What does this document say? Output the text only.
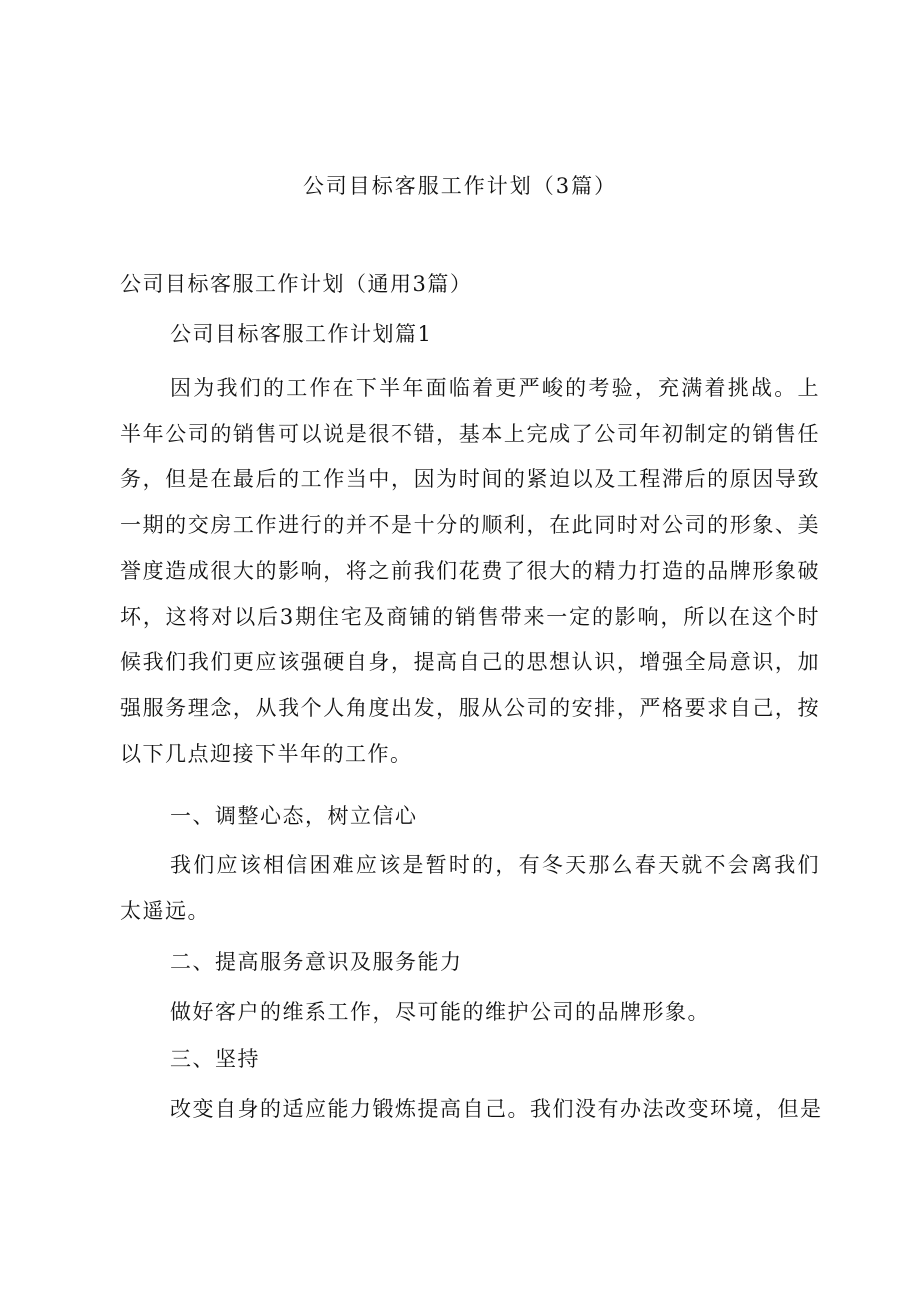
公司目标客服工作计划（3篇）
公司目标客服工作计划（通用3篇）
公司目标客服工作计划篇1

因为我们的工作在下半年面临着更严峻的考验，充满着挑战。上半年公司的销售可以说是很不错，基本上完成了公司年初制定的销售任务，但是在最后的工作当中，因为时间的紧迫以及工程滞后的原因导致一期的交房工作进行的并不是十分的顺利，在此同时对公司的形象、美誉度造成很大的影响，将之前我们花费了很大的精力打造的品牌形象破坏，这将对以后3期住宅及商铺的销售带来一定的影响，所以在这个时候我们我们更应该强硬自身，提高自己的思想认识，增强全局意识，加强服务理念，从我个人角度出发，服从公司的安排，严格要求自己，按以下几点迎接下半年的工作。

一、调整心态，树立信心

我们应该相信困难应该是暂时的，有冬天那么春天就不会离我们太遥远。

二、提高服务意识及服务能力
做好客户的维系工作，尽可能的维护公司的品牌形象。
三、坚持
改变自身的适应能力锻炼提高自己。我们没有办法改变环境，但是
